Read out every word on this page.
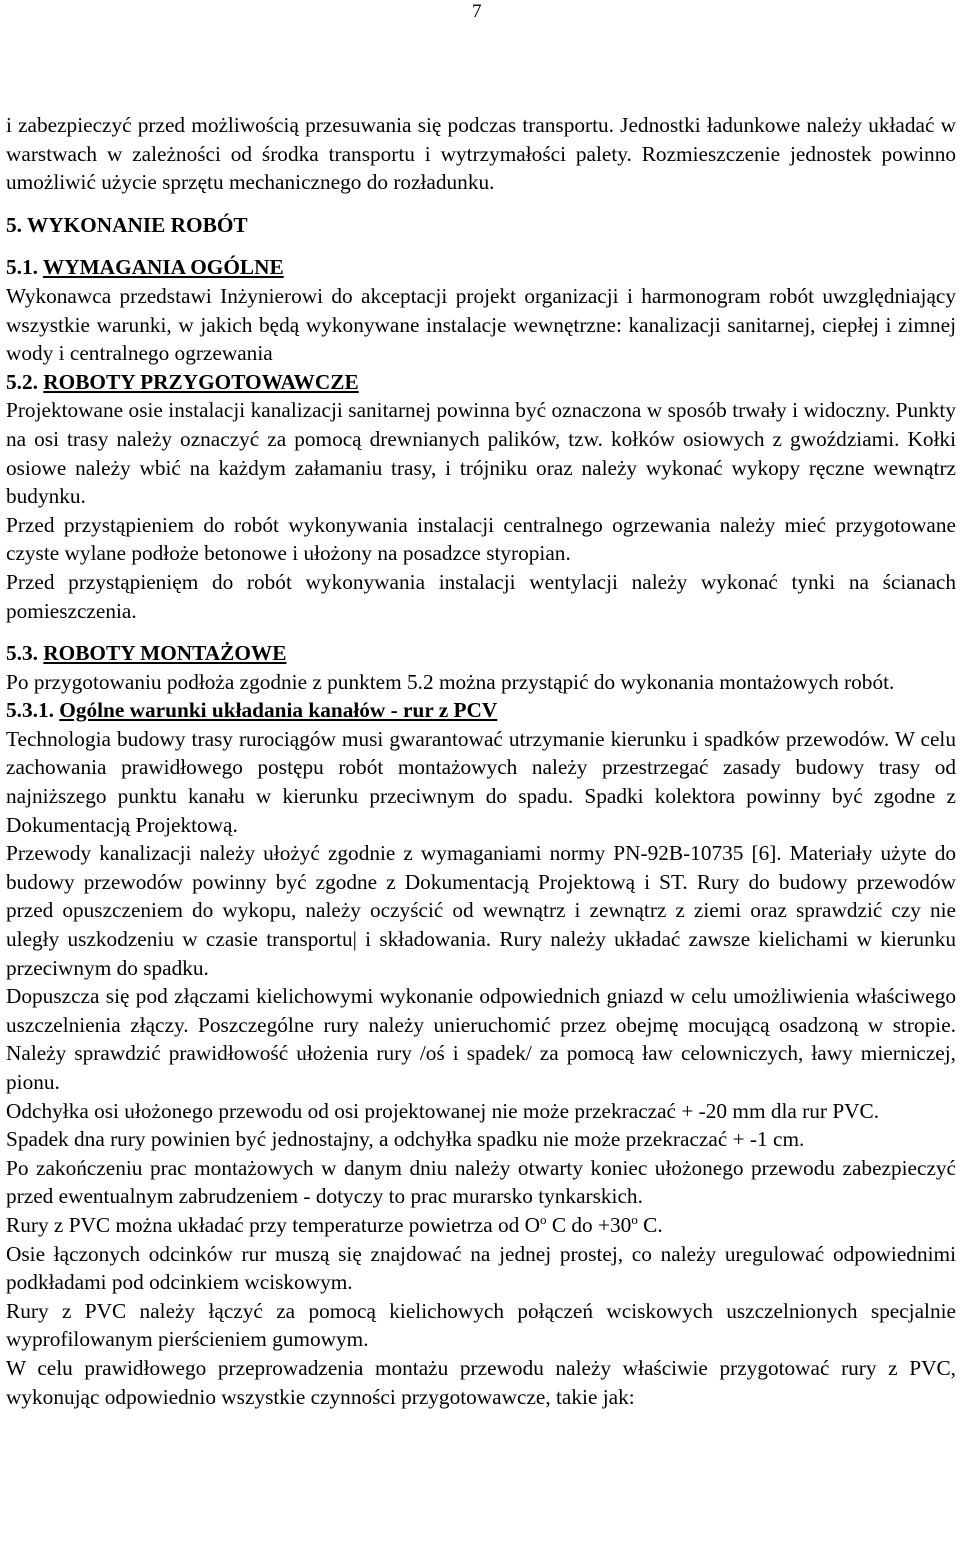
7

i zabezpieczyć przed możliwością przesuwania się podczas transportu. Jednostki ładunkowe należy układać w warstwach w zależności od środka transportu i wytrzymałości palety. Rozmieszczenie jednostek powinno umożliwić użycie sprzętu mechanicznego do rozładunku.

5. WYKONANIE ROBÓT
5.1. WYMAGANIA OGÓLNE

Wykonawca przedstawi Inżynierowi do akceptacji projekt organizacji i harmonogram robót uwzględniający wszystkie warunki, w jakich będą wykonywane instalacje wewnętrzne: kanalizacji sanitarnej, ciepłej i zimnej wody i centralnego ogrzewania

5.2. ROBOTY PRZYGOTOWAWCZE

Projektowane osie instalacji kanalizacji sanitarnej powinna być oznaczona w sposób trwały i widoczny. Punkty na osi trasy należy oznaczyć za pomocą drewnianych palików, tzw. kołków osiowych z gwoździami. Kołki osiowe należy wbić na każdym załamaniu trasy, i trójniku oraz należy wykonać wykopy ręczne wewnątrz budynku.

Przed przystąpieniem do robót wykonywania instalacji centralnego ogrzewania należy mieć przygotowane czyste wylane podłoże betonowe i ułożony na posadzce styropian.

Przed przystąpienięm do robót wykonywania instalacji wentylacji należy wykonać tynki na ścianach pomieszczenia.

5.3. ROBOTY MONTAŻOWE

Po przygotowaniu podłoża zgodnie z punktem 5.2 można przystąpić do wykonania montażowych robót.

5.3.1. Ogólne warunki układania kanałów - rur z PCV

Technologia budowy trasy rurociągów musi gwarantować utrzymanie kierunku i spadków przewodów. W celu zachowania prawidłowego postępu robót montażowych należy przestrzegać zasady budowy trasy od najniższego punktu kanału w kierunku przeciwnym do spadu. Spadki kolektora powinny być zgodne z Dokumentacją Projektową.

Przewody kanalizacji należy ułożyć zgodnie z wymaganiami normy PN-92B-10735 [6]. Materiały użyte do budowy przewodów powinny być zgodne z Dokumentacją Projektową i ST. Rury do budowy przewodów przed opuszczeniem do wykopu, należy oczyścić od wewnątrz i zewnątrz z ziemi oraz sprawdzić czy nie uległy uszkodzeniu w czasie transportu| i składowania. Rury należy układać zawsze kielichami w kierunku przeciwnym do spadku.

Dopuszcza się pod złączami kielichowymi wykonanie odpowiednich gniazd w celu umożliwienia właściwego uszczelnienia złączy. Poszczególne rury należy unieruchomić przez obejmę mocującą osadzoną w stropie. Należy sprawdzić prawidłowość ułożenia rury /oś i spadek/ za pomocą ław celowniczych, ławy mierniczej, pionu.

Odchyłka osi ułożonego przewodu od osi projektowanej nie może przekraczać + -20 mm dla rur PVC.

Spadek dna rury powinien być jednostajny, a odchyłka spadku nie może przekraczać + -1 cm.

Po zakończeniu prac montażowych w danym dniu należy otwarty koniec ułożonego przewodu zabezpieczyć przed ewentualnym zabrudzeniem - dotyczy to prac murarsko tynkarskich.

Rury z PVC można układać przy temperaturze powietrza od $O^o$ C do $+30^o$ C.

Osie łączonych odcinków rur muszą się znajdować na jednej prostej, co należy uregulować odpowiednimi podkładami pod odcinkiem wciskowym.

Rury z PVC należy łączyć za pomocą kielichowych połączeń wciskowych uszczelnionych specjalnie wyprofilowanym pierścieniem gumowym.

W celu prawidłowego przeprowadzenia montażu przewodu należy właściwie przygotować rury z PVC, wykonując odpowiednio wszystkie czynności przygotowawcze, takie jak:
